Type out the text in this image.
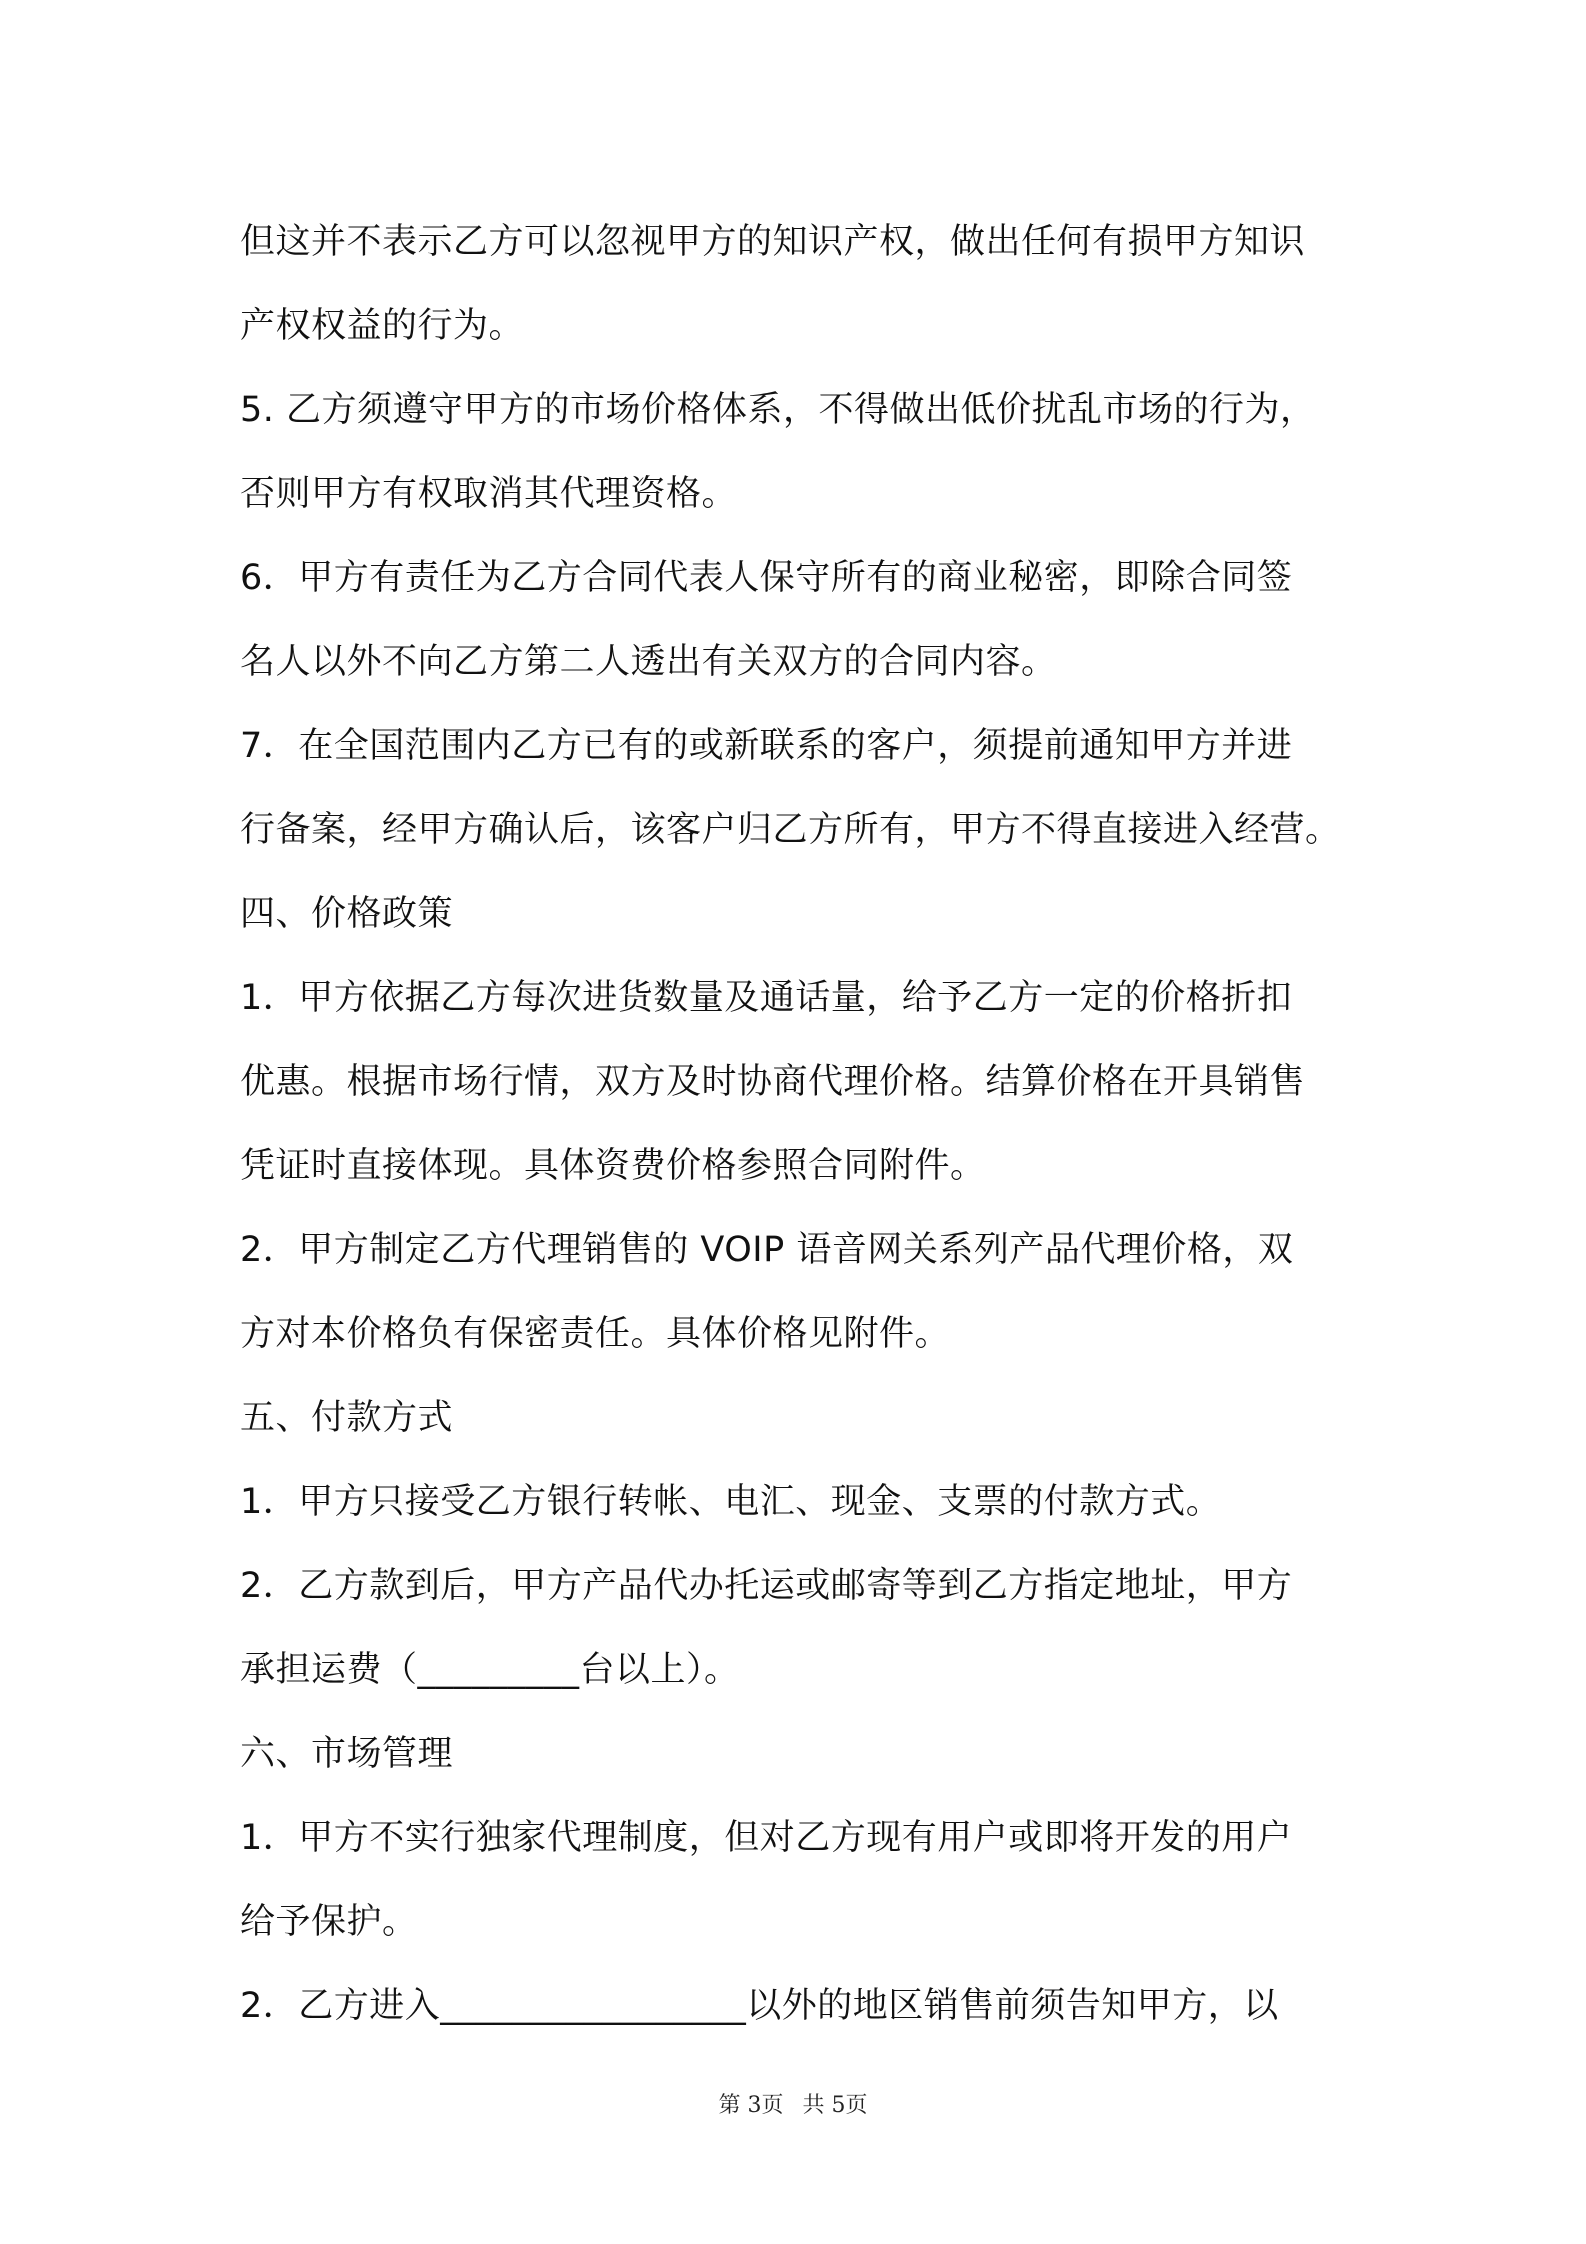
但这并不表示乙方可以忽视甲方的知识产权，做出任何有损甲方知识
产权权益的行为。
5. 乙方须遵守甲方的市场价格体系，不得做出低价扰乱市场的行为，
否则甲方有权取消其代理资格。
6．甲方有责任为乙方合同代表人保守所有的商业秘密，即除合同签
名人以外不向乙方第二人透出有关双方的合同内容。
7．在全国范围内乙方已有的或新联系的客户，须提前通知甲方并进
行备案，经甲方确认后，该客户归乙方所有，甲方不得直接进入经营。
四、价格政策
1．甲方依据乙方每次进货数量及通话量，给予乙方一定的价格折扣
优惠。根据市场行情，双方及时协商代理价格。结算价格在开具销售
凭证时直接体现。具体资费价格参照合同附件。
2．甲方制定乙方代理销售的 VOIP 语音网关系列产品代理价格，双
方对本价格负有保密责任。具体价格见附件。
五、付款方式
1．甲方只接受乙方银行转帐、电汇、现金、支票的付款方式。
2．乙方款到后，甲方产品代办托运或邮寄等到乙方指定地址，甲方
承担运费（_________台以上）。
六、市场管理
1．甲方不实行独家代理制度，但对乙方现有用户或即将开发的用户
给予保护。
2．乙方进入_________________以外的地区销售前须告知甲方，以
第 3页 共 5页
